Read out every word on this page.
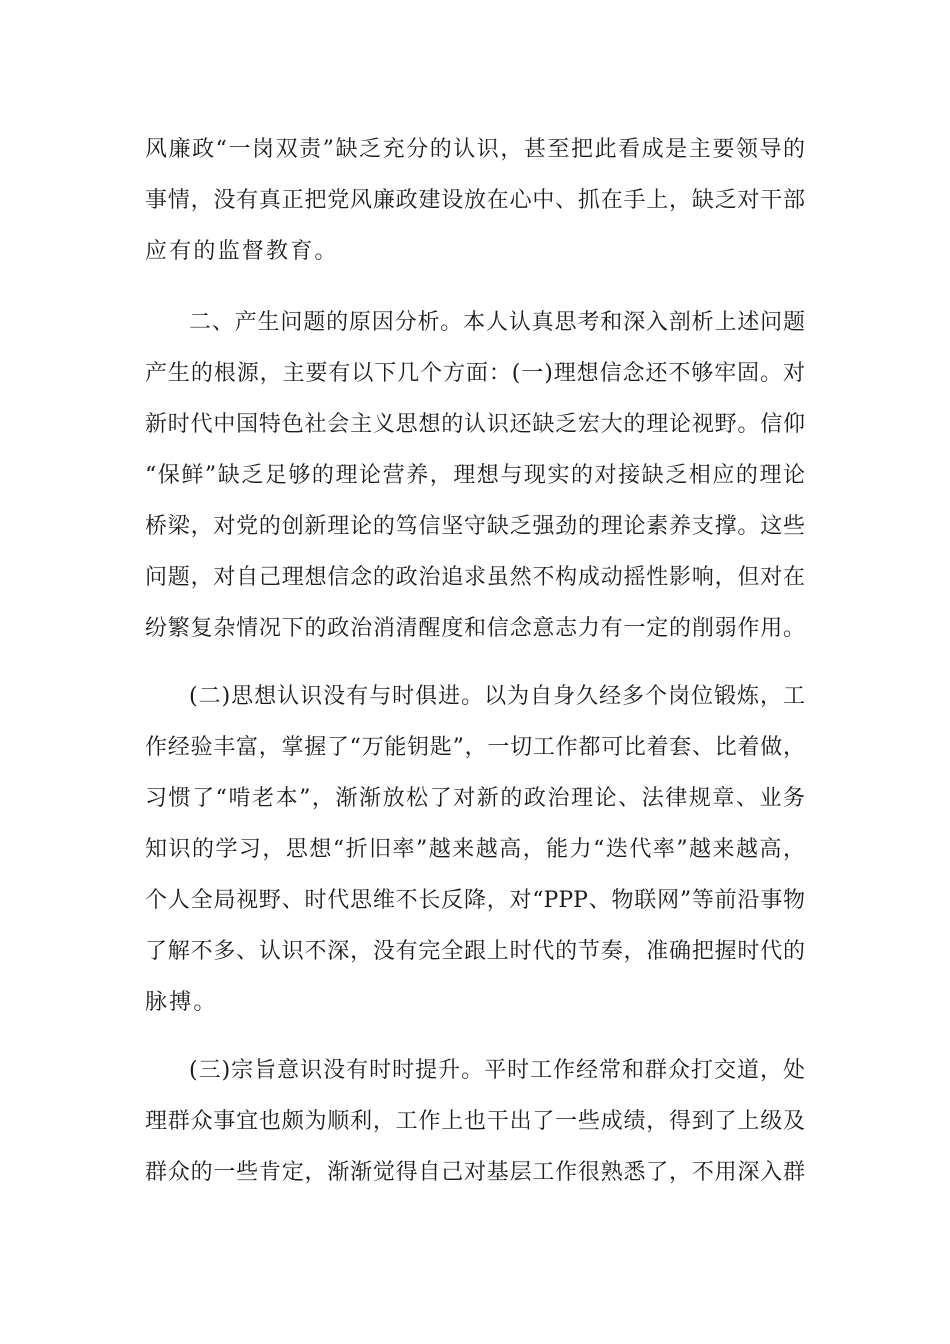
风廉政“一岗双责”缺乏充分的认识，甚至把此看成是主要领导的
事情，没有真正把党风廉政建设放在心中、抓在手上，缺乏对干部
应有的监督教育。
二、产生问题的原因分析。本人认真思考和深入剖析上述问题
产生的根源，主要有以下几个方面：(一)理想信念还不够牢固。对
新时代中国特色社会主义思想的认识还缺乏宏大的理论视野。信仰
“保鲜”缺乏足够的理论营养，理想与现实的对接缺乏相应的理论
桥梁，对党的创新理论的笃信坚守缺乏强劲的理论素养支撑。这些
问题，对自己理想信念的政治追求虽然不构成动摇性影响，但对在
纷繁复杂情况下的政治消清醒度和信念意志力有一定的削弱作用。
(二)思想认识没有与时俱进。以为自身久经多个岗位锻炼，工
作经验丰富，掌握了“万能钥匙”，一切工作都可比着套、比着做，
习惯了“啃老本”，渐渐放松了对新的政治理论、法律规章、业务
知识的学习，思想“折旧率”越来越高，能力“迭代率”越来越高，
个人全局视野、时代思维不长反降，对“PPP、物联网”等前沿事物
了解不多、认识不深，没有完全跟上时代的节奏，准确把握时代的
脉搏。
(三)宗旨意识没有时时提升。平时工作经常和群众打交道，处
理群众事宜也颇为顺利，工作上也干出了一些成绩，得到了上级及
群众的一些肯定，渐渐觉得自己对基层工作很熟悉了，不用深入群
